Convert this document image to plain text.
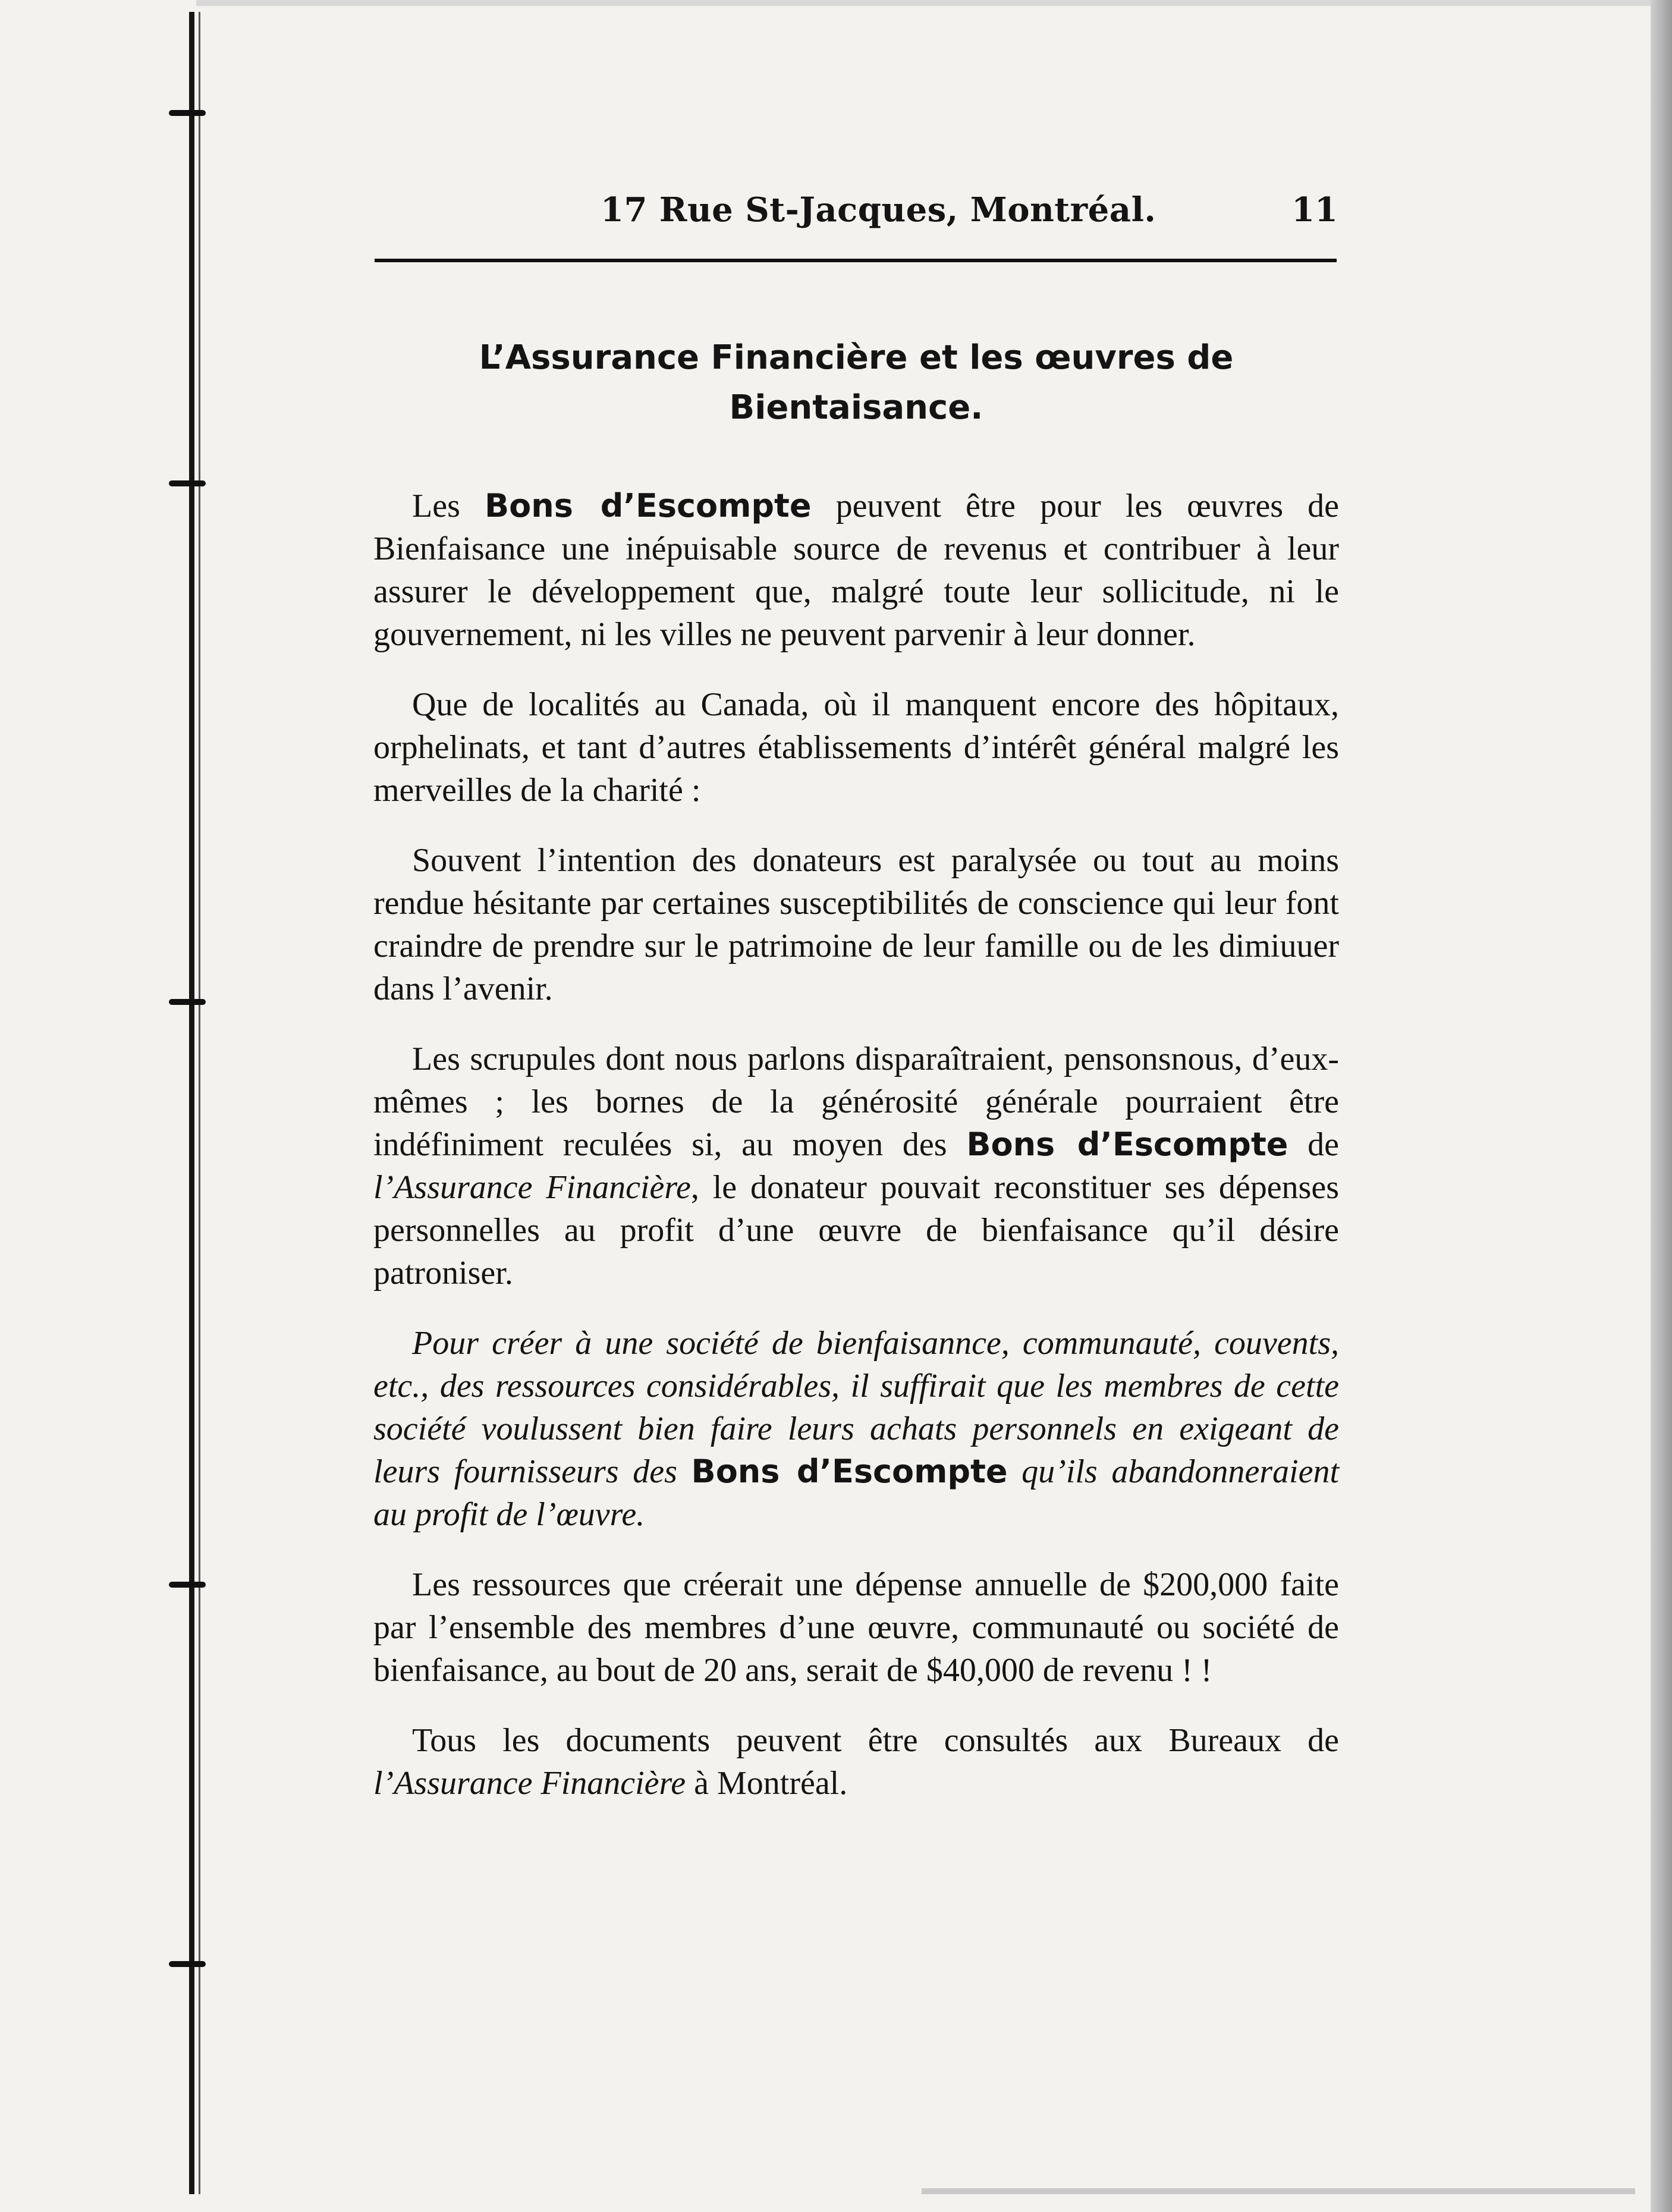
17 Rue St-Jacques, Montréal.	11
L’Assurance Financière et les œuvres de Bientaisance.

Les Bons d’Escompte peuvent être pour les œuvres de Bienfaisance une inépuisable source de revenus et contribuer à leur assurer le développement que, malgré toute leur sollicitude, ni le gouvernement, ni les villes ne peuvent parvenir à leur donner.

Que de localités au Canada, où il manquent encore des hôpitaux, orphelinats, et tant d’autres établissements d’intérêt général malgré les merveilles de la charité :

Souvent l’intention des donateurs est paralysée ou tout au moins rendue hésitante par certaines susceptibilités de conscience qui leur font craindre de prendre sur le patrimoine de leur famille ou de les dimiuuer dans l’avenir.

Les scrupules dont nous parlons disparaîtraient, pensonsnous, d’eux-mêmes ; les bornes de la générosité générale pourraient être indéfiniment reculées si, au moyen des Bons d’Escompte de l’Assurance Financière, le donateur pouvait reconstituer ses dépenses personnelles au profit d’une œuvre de bienfaisance qu’il désire patroniser.

Pour créer à une société de bienfaisannce, communauté, couvents, etc., des ressources considérables, il suffirait que les membres de cette société voulussent bien faire leurs achats personnels en exigeant de leurs fournisseurs des Bons d’Escompte qu’ils abandonneraient au profit de l’œuvre.

Les ressources que créerait une dépense annuelle de $200,000 faite par l’ensemble des membres d’une œuvre, communauté ou société de bienfaisance, au bout de 20 ans, serait de $40,000 de revenu ! !

Tous les documents peuvent être consultés aux Bureaux de l’Assurance Financière à Montréal.
